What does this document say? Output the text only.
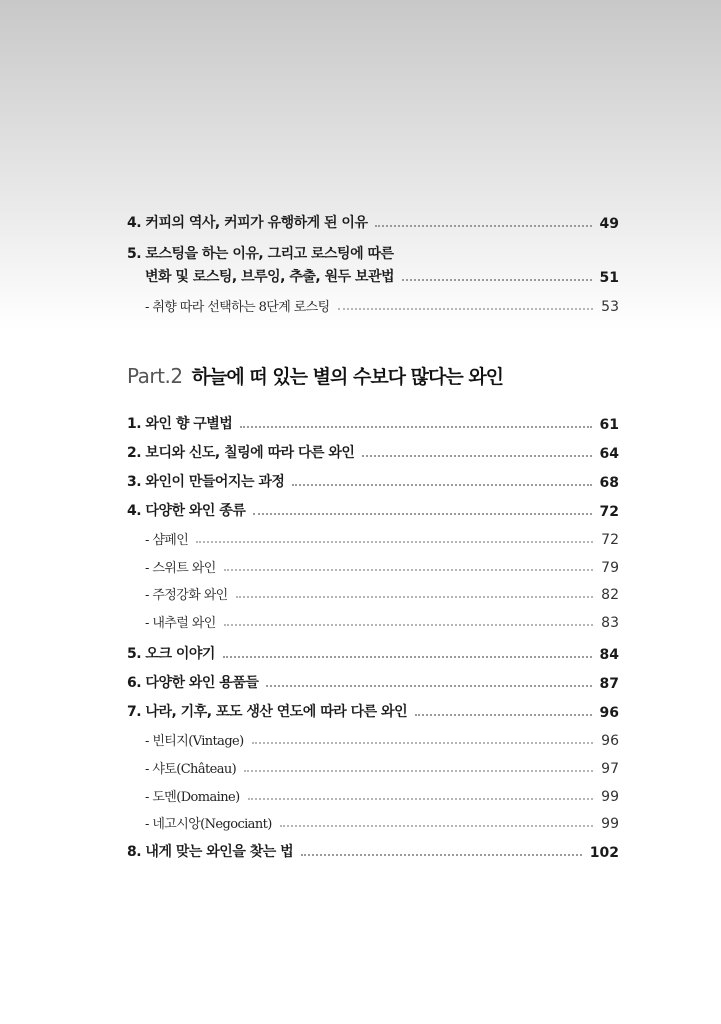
4. 커피의 역사, 커피가 유행하게 된 이유	49
5. 로스팅을 하는 이유, 그리고 로스팅에 따른
변화 및 로스팅, 브루잉, 추출, 원두 보관법	51
- 취향 따라 선택하는 8단계 로스팅	53
Part.2 하늘에 떠 있는 별의 수보다 많다는 와인
1. 와인 향 구별법	61
2. 보디와 신도, 칠링에 따라 다른 와인	64
3. 와인이 만들어지는 과정	68
4. 다양한 와인 종류	72
- 샴페인	72
- 스위트 와인	79
- 주정강화 와인	82
- 내추럴 와인	83
5. 오크 이야기	84
6. 다양한 와인 용품들	87
7. 나라, 기후, 포도 생산 연도에 따라 다른 와인	96
- 빈티지(Vintage)	96
- 샤토(Château)	97
- 도멘(Domaine)	99
- 네고시앙(Negociant)	99
8. 내게 맞는 와인을 찾는 법	102
